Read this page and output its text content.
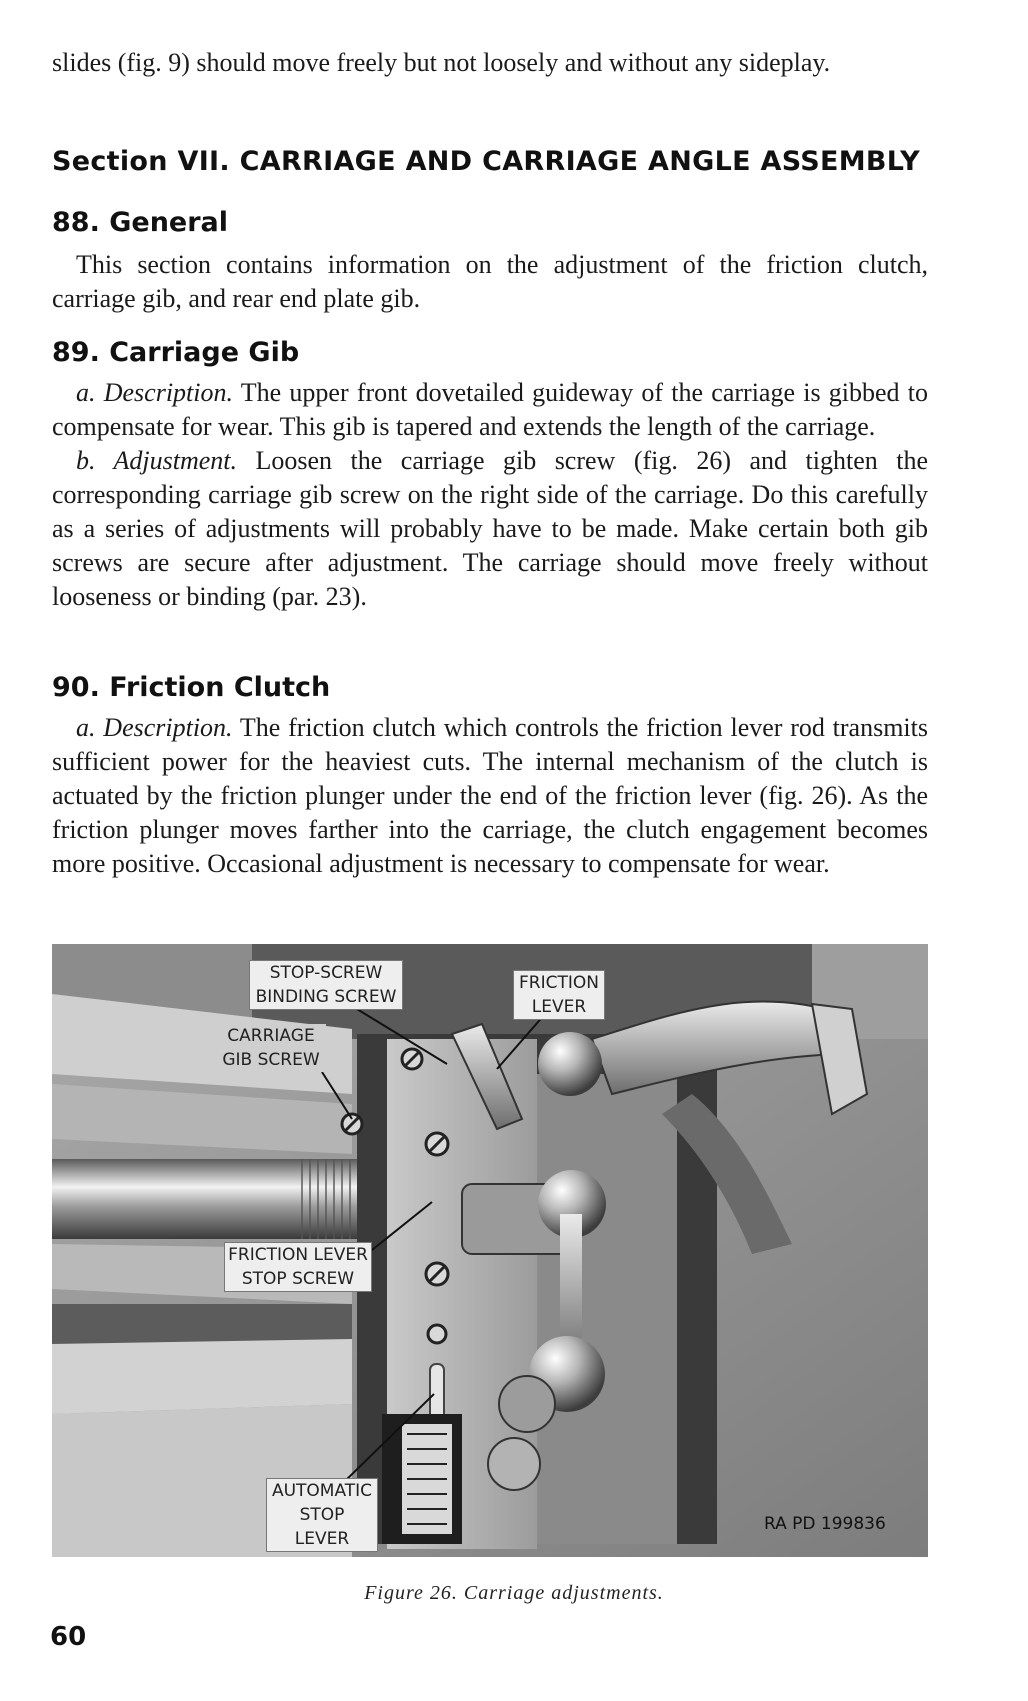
slides (fig. 9) should move freely but not loosely and without any sideplay.

Section VII. CARRIAGE AND CARRIAGE ANGLE ASSEMBLY

88. General

This section contains information on the adjustment of the friction clutch, carriage gib, and rear end plate gib.

89. Carriage Gib

a. Description. The upper front dovetailed guideway of the carriage is gibbed to compensate for wear. This gib is tapered and extends the length of the carriage.

b. Adjustment. Loosen the carriage gib screw (fig. 26) and tighten the corresponding carriage gib screw on the right side of the carriage. Do this carefully as a series of adjustments will probably have to be made. Make certain both gib screws are secure after adjustment. The carriage should move freely without looseness or binding (par. 23).

90. Friction Clutch

a. Description. The friction clutch which controls the friction lever rod transmits sufficient power for the heaviest cuts. The internal mechanism of the clutch is actuated by the friction plunger under the end of the friction lever (fig. 26). As the friction plunger moves farther into the carriage, the clutch engagement becomes more positive. Occasional adjustment is necessary to compensate for wear.

STOP-SCREW
BINDING SCREW
FRICTION
LEVER
CARRIAGE
GIB SCREW
FRICTION LEVER
STOP SCREW
AUTOMATIC
STOP LEVER
RA PD 199836
Figure 26. Carriage adjustments.
60
